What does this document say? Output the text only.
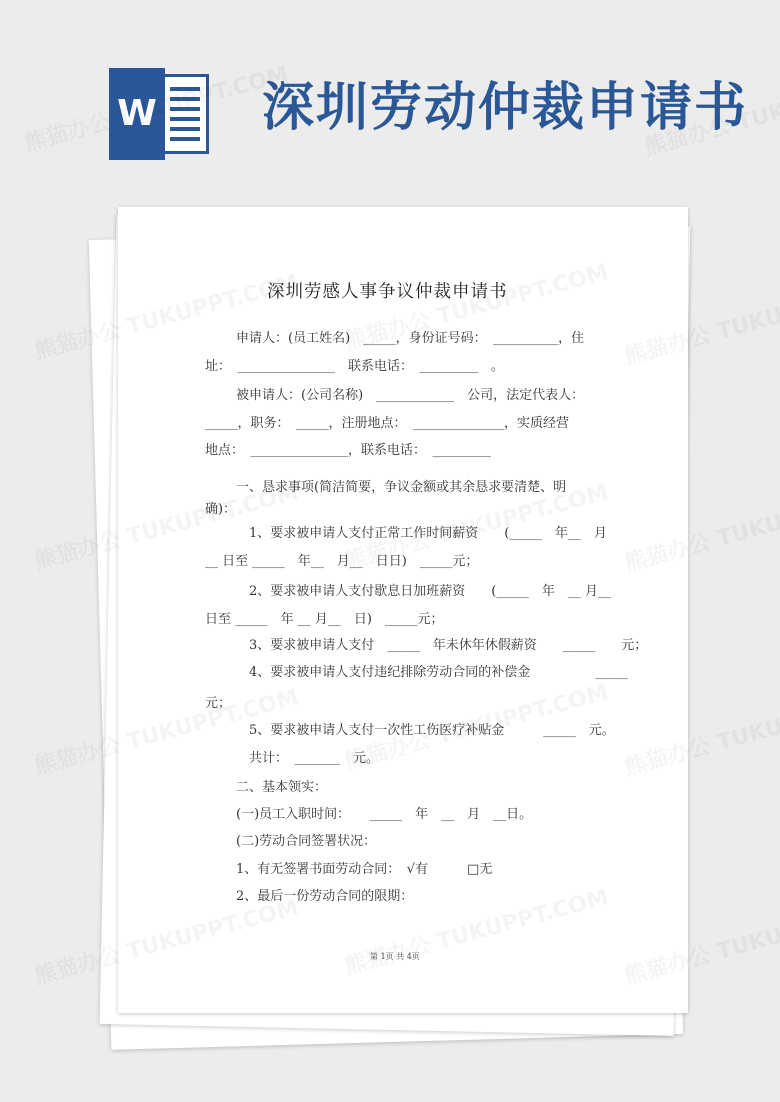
W 深圳劳动仲裁申请书
深圳劳感人事争议仲裁申请书
申请人：(员工姓名)　_____，身份证号码：　__________，住
址：　_______________　联系电话：　_________　。
被申请人：(公司名称)　____________　公司，法定代表人：
_____，职务：　_____，注册地点：　______________，实质经营
地点：　_______________，联系电话：　_________
一、恳求事项(简洁简要，争议金额或其余恳求要清楚、明
确)：
1、要求被申请人支付正常工作时间薪资　　(_____　年__　月
__ 日至 _____　年__　月__　日日)　_____元；
2、要求被申请人支付歇息日加班薪资　　(_____　年　__ 月__
日至 _____　年 __ 月__　日)　_____元；
3、要求被申请人支付　_____　年未休年休假薪资　　_____　　元；
4、要求被申请人支付违纪排除劳动合同的补偿金　　　　　_____
元；
5、要求被申请人支付一次性工伤医疗补贴金　　　_____　元。
共计：　_______　元。
二、基本领实：
(一)员工入职时间：　　_____　年　__　月　__日。
(二)劳动合同签署状况：
1、有无签署书面劳动合同：　√有　　　□无
2、最后一份劳动合同的限期：
第 1页 共 4页
